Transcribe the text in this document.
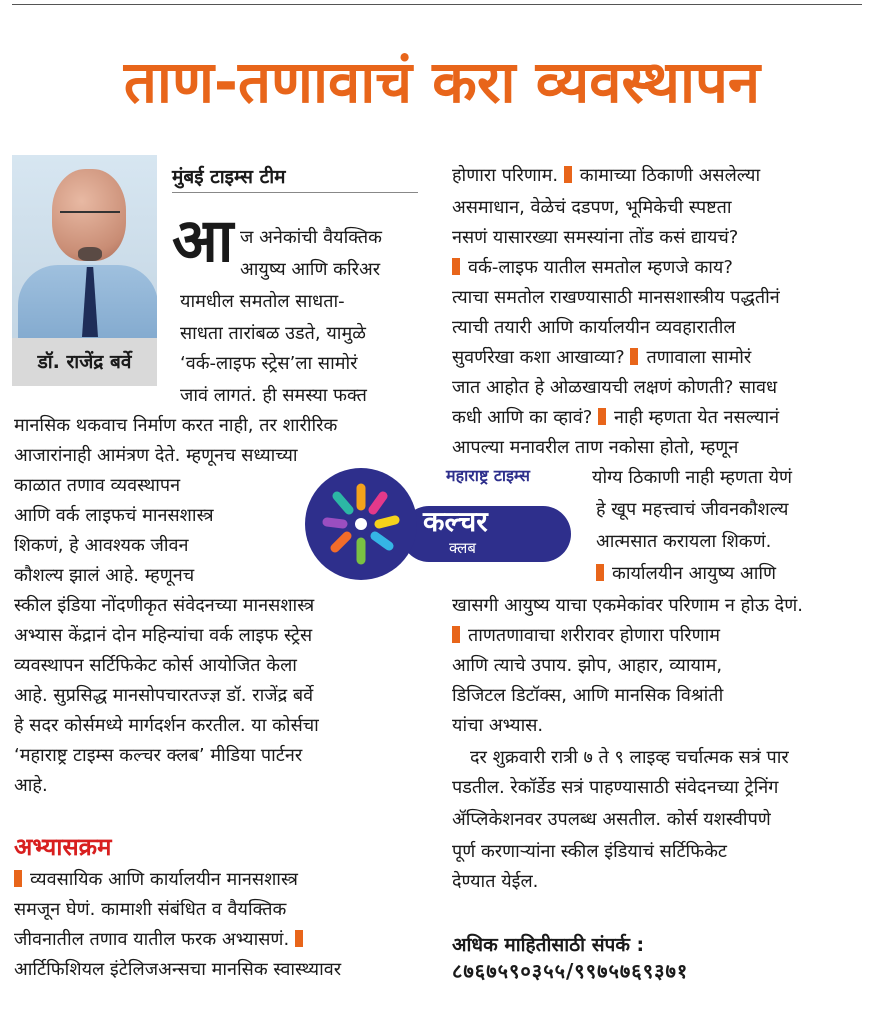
ताण-तणावाचं करा व्यवस्थापन
डॉ. राजेंद्र बर्वे
मुंबई टाइम्स टीम
आ ज अनेकांची वैयक्तिक
आयुष्य आणि करिअर
यामधील समतोल साधता-
साधता तारांबळ उडते, यामुळे
‘वर्क-लाइफ स्ट्रेस’ला सामोरं
जावं लागतं. ही समस्या फक्त
मानसिक थकवाच निर्माण करत नाही, तर शारीरिक
आजारांनाही आमंत्रण देते. म्हणूनच सध्याच्या
काळात तणाव व्यवस्थापन
आणि वर्क लाइफचं मानसशास्त्र
शिकणं, हे आवश्यक जीवन
कौशल्य झालं आहे. म्हणूनच
स्कील इंडिया नोंदणीकृत संवेदनच्या मानसशास्त्र
अभ्यास केंद्रानं दोन महिन्यांचा वर्क लाइफ स्ट्रेस
व्यवस्थापन सर्टिफिकेट कोर्स आयोजित केला
आहे. सुप्रसिद्ध मानसोपचारतज्ज्ञ डॉ. राजेंद्र बर्वे
हे सदर कोर्समध्ये मार्गदर्शन करतील. या कोर्सचा
‘महाराष्ट्र टाइम्स कल्चर क्लब’ मीडिया पार्टनर
आहे.
अभ्यासक्रम
व्यवसायिक आणि कार्यालयीन मानसशास्त्र
समजून घेणं. कामाशी संबंधित व वैयक्तिक
जीवनातील तणाव यातील फरक अभ्यासणं.
आर्टिफिशियल इंटेलिजअन्सचा मानसिक स्वास्थ्यावर
होणारा परिणाम. कामाच्या ठिकाणी असलेल्या
असमाधान, वेळेचं दडपण, भूमिकेची स्पष्टता
नसणं यासारख्या समस्यांना तोंड कसं द्यायचं?
वर्क-लाइफ यातील समतोल म्हणजे काय?
त्याचा समतोल राखण्यासाठी मानसशास्त्रीय पद्धतीनं
त्याची तयारी आणि कार्यालयीन व्यवहारातील
सुवर्णरेखा कशा आखाव्या? तणावाला सामोरं
जात आहोत हे ओळखायची लक्षणं कोणती? सावध
कधी आणि का व्हावं? नाही म्हणता येत नसल्यानं
आपल्या मनावरील ताण नकोसा होतो, म्हणून
योग्य ठिकाणी नाही म्हणता येणं
हे खूप महत्त्वाचं जीवनकौशल्य
आत्मसात करायला शिकणं.
कार्यालयीन आयुष्य आणि
खासगी आयुष्य याचा एकमेकांवर परिणाम न होऊ देणं.
ताणतणावाचा शरीरावर होणारा परिणाम
आणि त्याचे उपाय. झोप, आहार, व्यायाम,
डिजिटल डिटॉक्स, आणि मानसिक विश्रांती
यांचा अभ्यास.
दर शुक्रवारी रात्री ७ ते ९ लाइव्ह चर्चात्मक सत्रं पार
पडतील. रेकॉर्डेड सत्रं पाहण्यासाठी संवेदनच्या ट्रेनिंग
ॲप्लिकेशनवर उपलब्ध असतील. कोर्स यशस्वीपणे
पूर्ण करणाऱ्यांना स्कील इंडियाचं सर्टिफिकेट
देण्यात येईल.
अधिक माहितीसाठी संपर्क :
८७६७५९०३५५/९९७५७६९३७१
महाराष्ट्र टाइम्स
कल्चर
क्लब
